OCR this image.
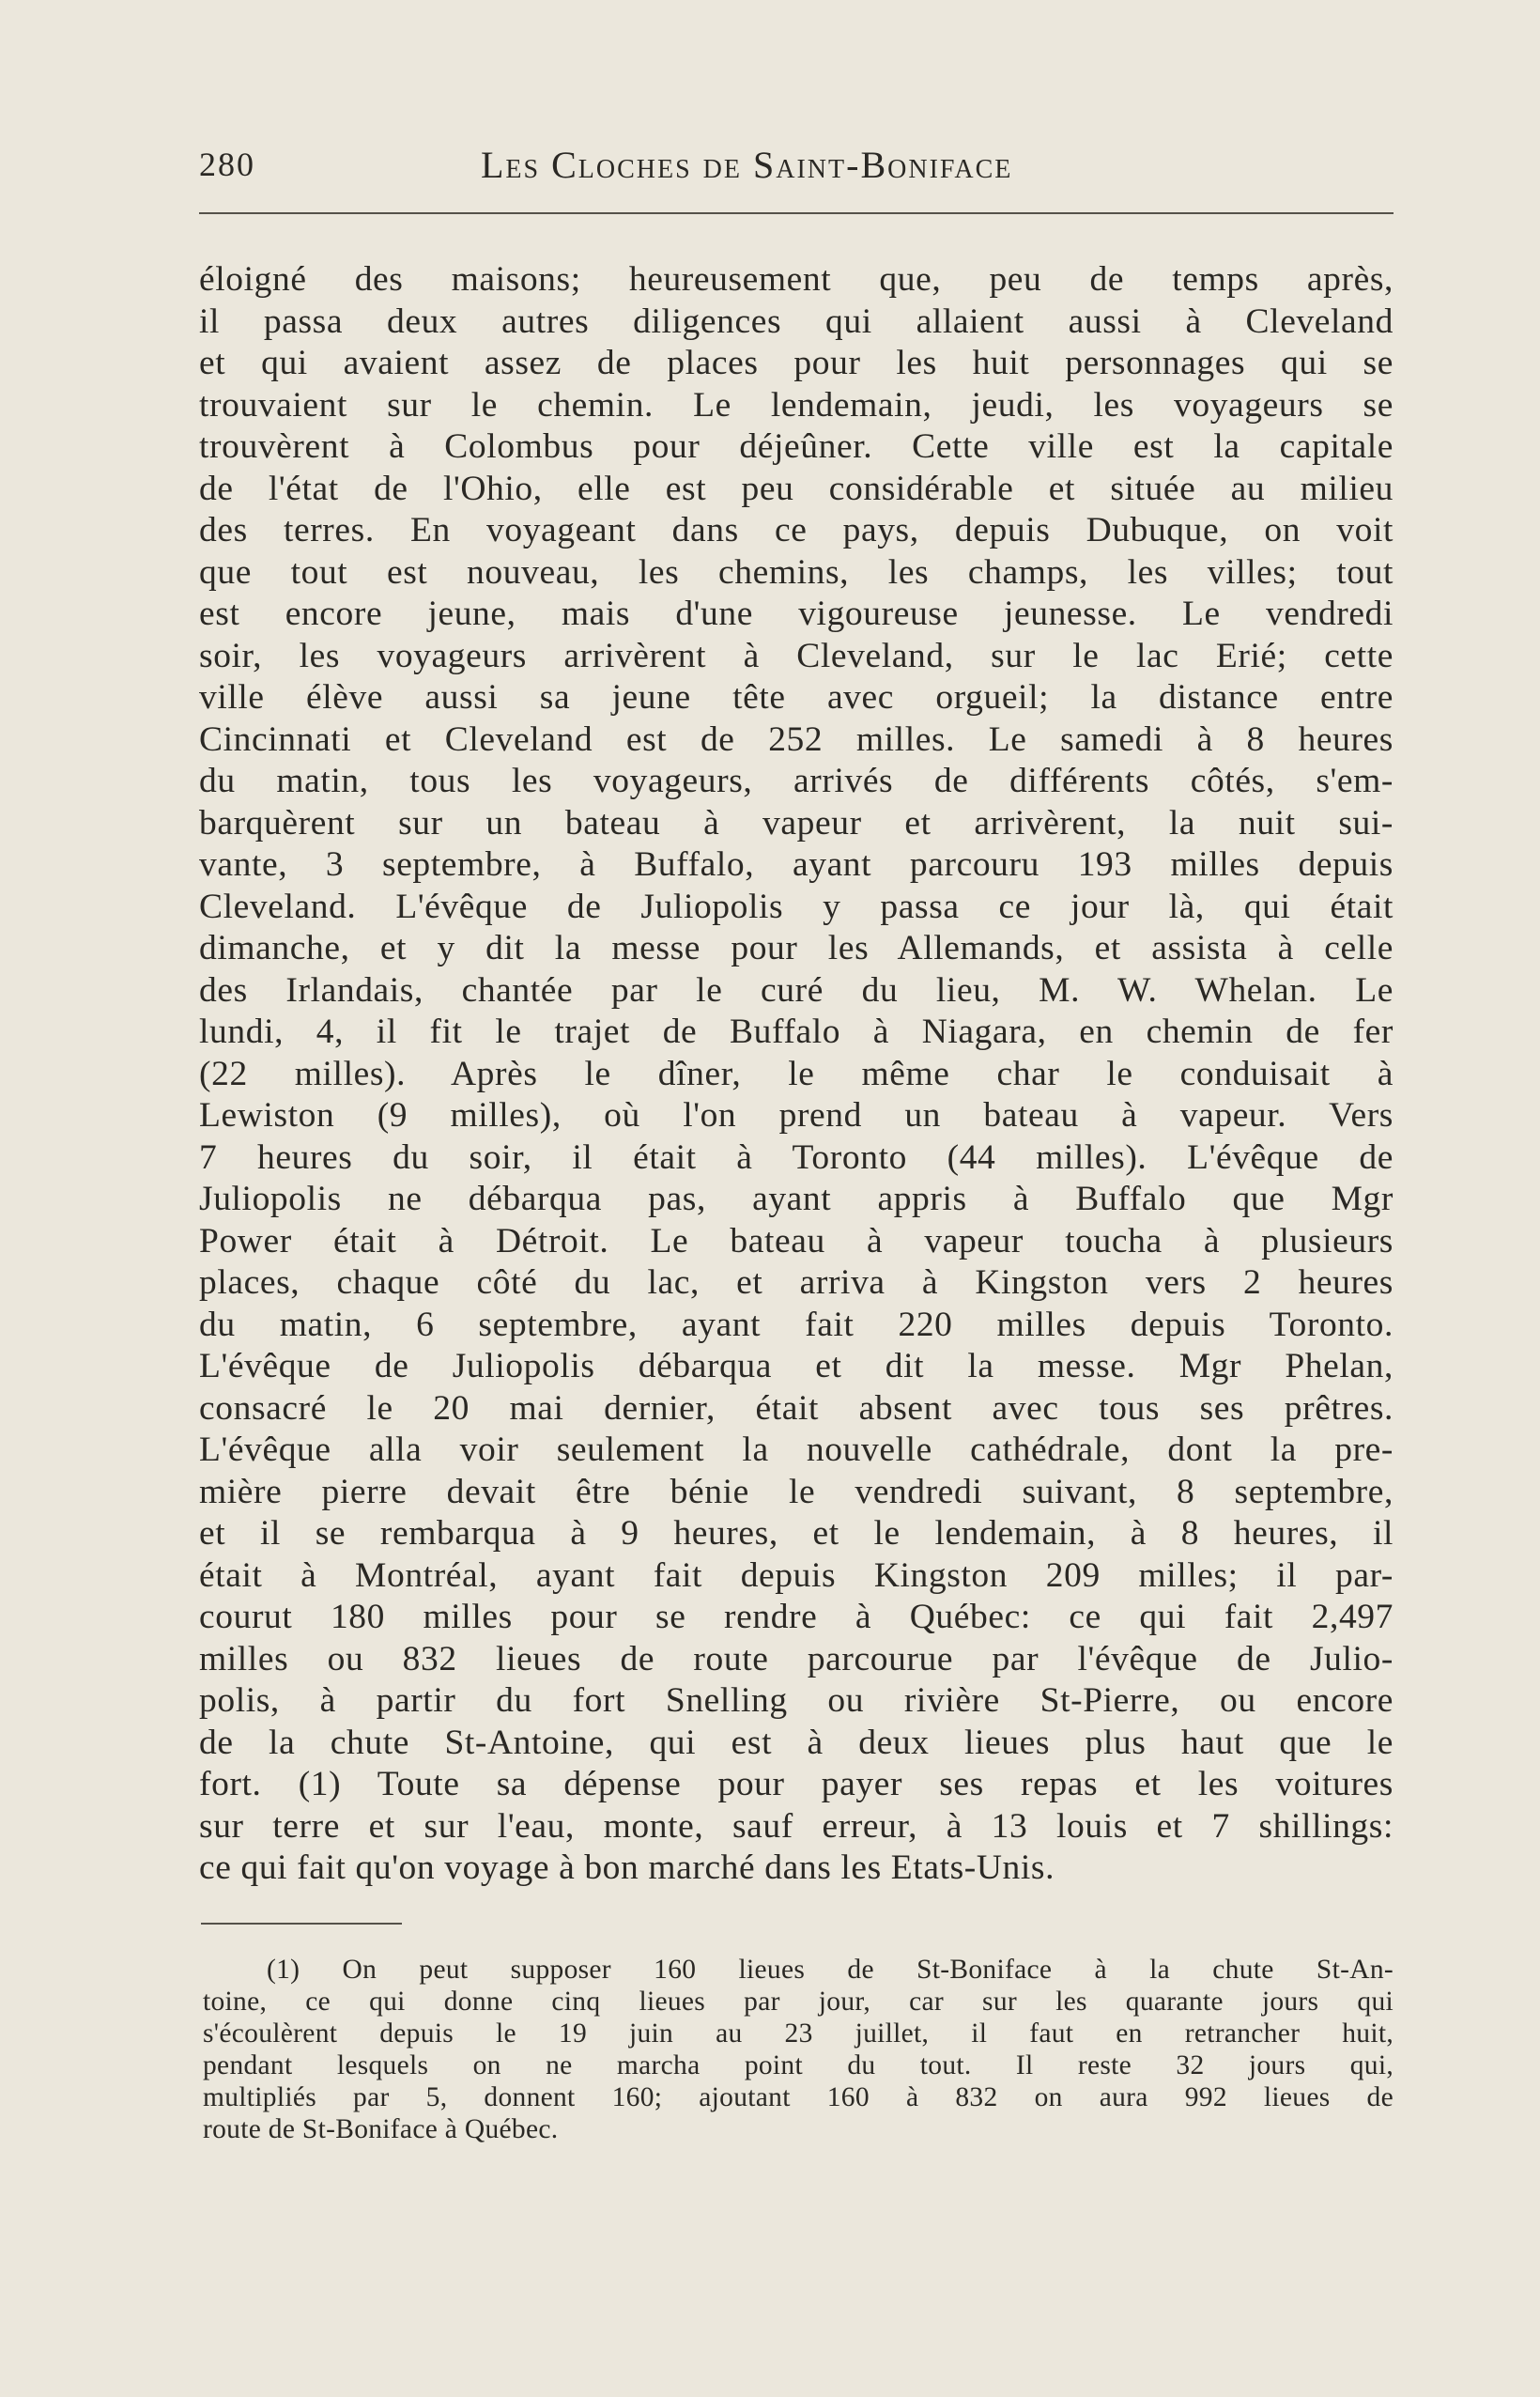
280	Les Cloches de Saint-Boniface
éloigné des maisons; heureusement que, peu de temps après,
il passa deux autres diligences qui allaient aussi à Cleveland
et qui avaient assez de places pour les huit personnages qui se
trouvaient sur le chemin. Le lendemain, jeudi, les voyageurs se
trouvèrent à Colombus pour déjeûner. Cette ville est la capitale
de l'état de l'Ohio, elle est peu considérable et située au milieu
des terres. En voyageant dans ce pays, depuis Dubuque, on voit
que tout est nouveau, les chemins, les champs, les villes; tout
est encore jeune, mais d'une vigoureuse jeunesse. Le vendredi
soir, les voyageurs arrivèrent à Cleveland, sur le lac Erié; cette
ville élève aussi sa jeune tête avec orgueil; la distance entre
Cincinnati et Cleveland est de 252 milles. Le samedi à 8 heures
du matin, tous les voyageurs, arrivés de différents côtés, s'em-
barquèrent sur un bateau à vapeur et arrivèrent, la nuit sui-
vante, 3 septembre, à Buffalo, ayant parcouru 193 milles depuis
Cleveland. L'évêque de Juliopolis y passa ce jour là, qui était
dimanche, et y dit la messe pour les Allemands, et assista à celle
des Irlandais, chantée par le curé du lieu, M. W. Whelan. Le
lundi, 4, il fit le trajet de Buffalo à Niagara, en chemin de fer
(22 milles). Après le dîner, le même char le conduisait à
Lewiston (9 milles), où l'on prend un bateau à vapeur. Vers
7 heures du soir, il était à Toronto (44 milles). L'évêque de
Juliopolis ne débarqua pas, ayant appris à Buffalo que Mgr
Power était à Détroit. Le bateau à vapeur toucha à plusieurs
places, chaque côté du lac, et arriva à Kingston vers 2 heures
du matin, 6 septembre, ayant fait 220 milles depuis Toronto.
L'évêque de Juliopolis débarqua et dit la messe. Mgr Phelan,
consacré le 20 mai dernier, était absent avec tous ses prêtres.
L'évêque alla voir seulement la nouvelle cathédrale, dont la pre-
mière pierre devait être bénie le vendredi suivant, 8 septembre,
et il se rembarqua à 9 heures, et le lendemain, à 8 heures, il
était à Montréal, ayant fait depuis Kingston 209 milles; il par-
courut 180 milles pour se rendre à Québec: ce qui fait 2,497
milles ou 832 lieues de route parcourue par l'évêque de Julio-
polis, à partir du fort Snelling ou rivière St-Pierre, ou encore
de la chute St-Antoine, qui est à deux lieues plus haut que le
fort. (1) Toute sa dépense pour payer ses repas et les voitures
sur terre et sur l'eau, monte, sauf erreur, à 13 louis et 7 shillings:
ce qui fait qu'on voyage à bon marché dans les Etats-Unis.
(1) On peut supposer 160 lieues de St-Boniface à la chute St-An-
toine, ce qui donne cinq lieues par jour, car sur les quarante jours qui
s'écoulèrent depuis le 19 juin au 23 juillet, il faut en retrancher huit,
pendant lesquels on ne marcha point du tout. Il reste 32 jours qui,
multipliés par 5, donnent 160; ajoutant 160 à 832 on aura 992 lieues de
route de St-Boniface à Québec.
